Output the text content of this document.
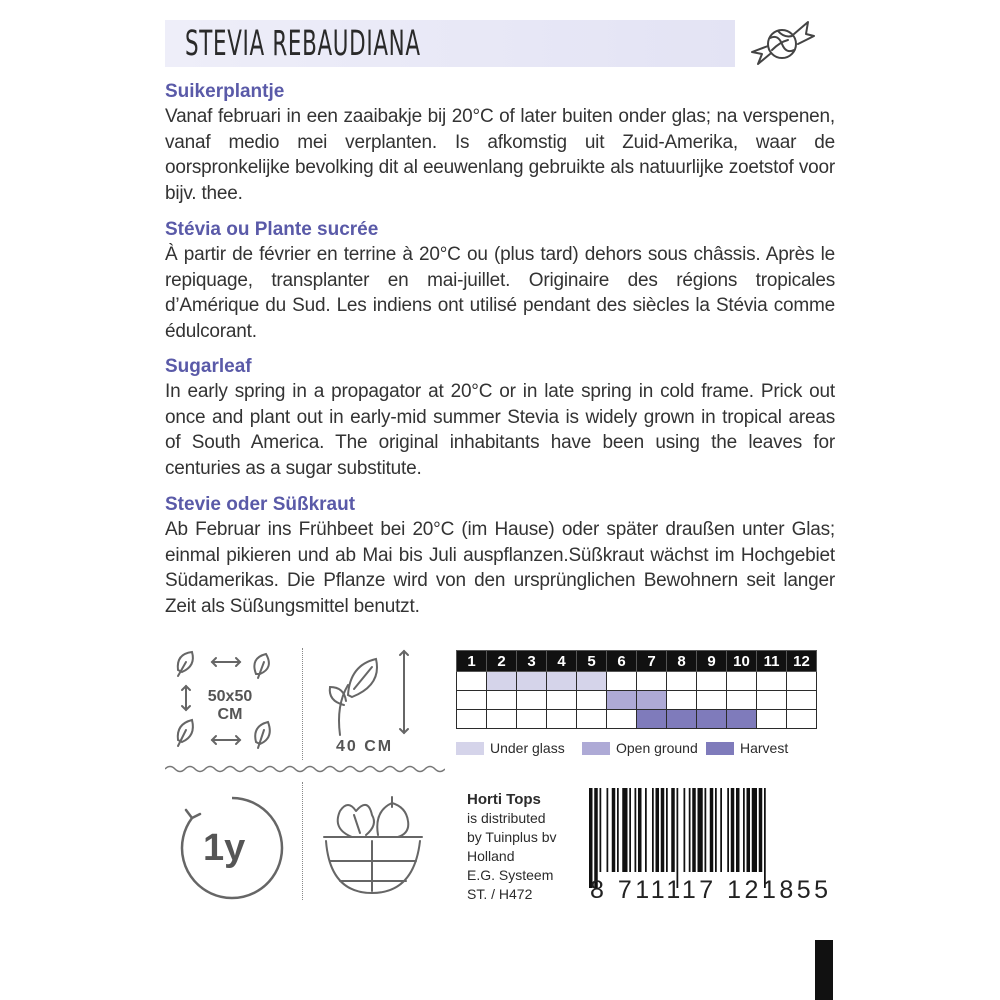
STEVIA REBAUDIANA

Suikerplantje

Vanaf februari in een zaaibakje bij 20°C of later buiten onder glas; na verspenen, vanaf medio mei verplanten. Is afkomstig uit Zuid-Amerika, waar de oorspronkelijke bevolking dit al eeuwenlang gebruikte als natuurlijke zoetstof voor bijv. thee.

Stévia ou Plante sucrée

À partir de février en terrine à 20°C ou (plus tard) dehors sous châssis. Après le repiquage, transplanter en mai-juillet. Originaire des régions tropicales d’Amérique du Sud. Les indiens ont utilisé pendant des siècles la Stévia comme édulcorant.

Sugarleaf

In early spring in a propagator at 20°C or in late spring in cold frame. Prick out once and plant out in early-mid summer Stevia is widely grown in tropical areas of South America. The original inhabitants have been using the leaves for centuries as a sugar substitute.

Stevie oder Süßkraut

Ab Februar ins Frühbeet bei 20°C (im Hause) oder später draußen unter Glas; einmal pikieren und ab Mai bis Juli auspflanzen.Süßkraut wächst im Hochgebiet Südamerikas. Die Pflanze wird von den ursprünglichen Bewohnern seit langer Zeit als Süßungsmittel benutzt.

50x50
CM
40 CM
1y
1	2	3	4	5	6	7	8	9	10	11	12

Under glass	Open ground	Harvest
Horti Tops
is distributed
by Tuinplus bv
Holland
E.G. Systeem
ST. / H472	8 711117 121855
